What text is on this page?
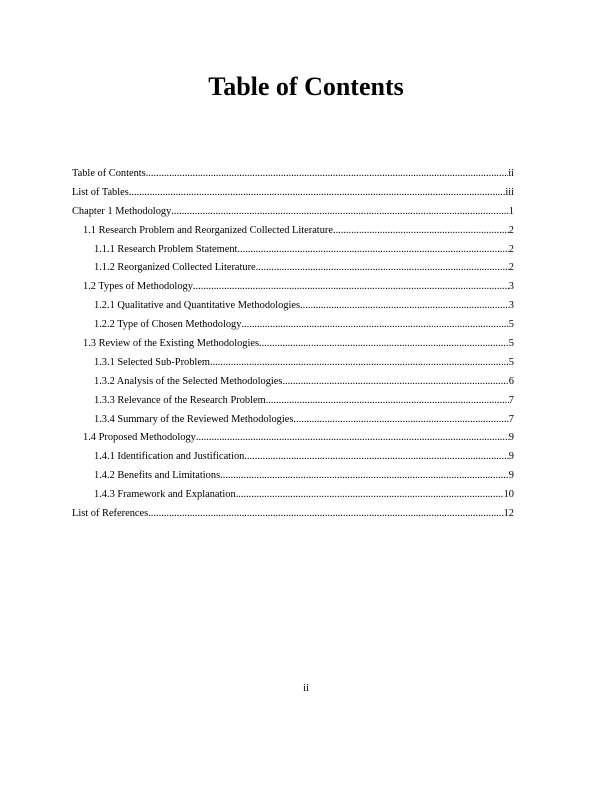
Table of Contents
Table of Contents .....	ii
List of Tables .....	iii
Chapter 1 Methodology .....	1
1.1 Research Problem and Reorganized Collected Literature .....	2
1.1.1 Research Problem Statement .....	2
1.1.2 Reorganized Collected Literature .....	2
1.2 Types of Methodology .....	3
1.2.1 Qualitative and Quantitative Methodologies .....	3
1.2.2 Type of Chosen Methodology .....	5
1.3 Review of the Existing Methodologies .....	5
1.3.1 Selected Sub-Problem .....	5
1.3.2 Analysis of the Selected Methodologies .....	6
1.3.3 Relevance of the Research Problem .....	7
1.3.4 Summary of the Reviewed Methodologies .....	7
1.4 Proposed Methodology .....	9
1.4.1 Identification and Justification .....	9
1.4.2 Benefits and Limitations .....	9
1.4.3 Framework and Explanation .....	10
List of References .....	12
ii
